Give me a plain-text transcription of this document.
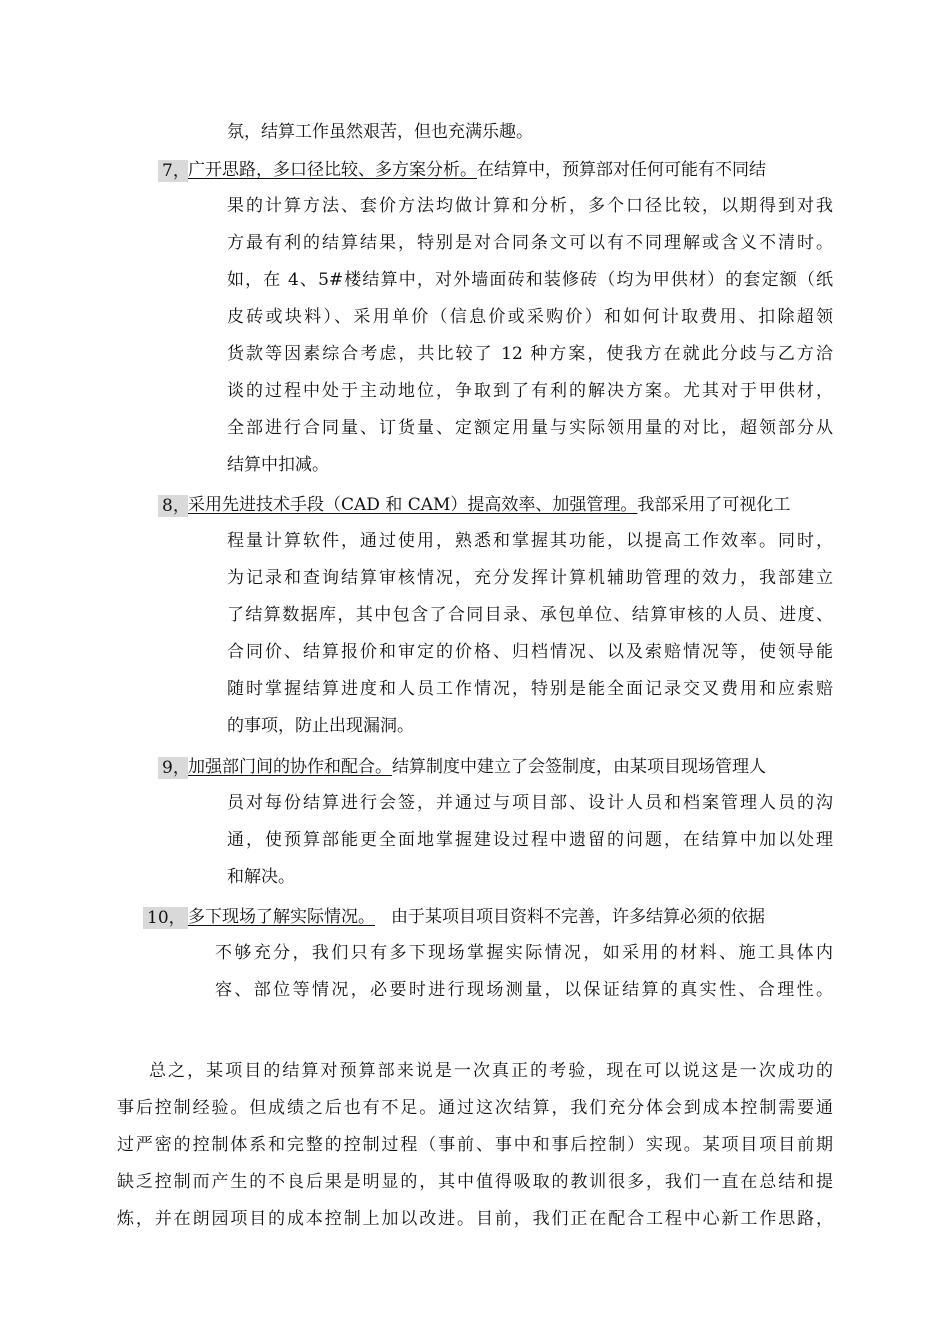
氛，结算工作虽然艰苦，但也充满乐趣。
7，
广开思路，多口径比较、多方案分析。在结算中，预算部对任何可能有不同结
果的计算方法、套价方法均做计算和分析，多个口径比较，以期得到对我
方最有利的结算结果，特别是对合同条文可以有不同理解或含义不清时。
如，在 4、5#楼结算中，对外墙面砖和装修砖（均为甲供材）的套定额（纸
皮砖或块料）、采用单价（信息价或采购价）和如何计取费用、扣除超领
货款等因素综合考虑，共比较了 12 种方案，使我方在就此分歧与乙方洽
谈的过程中处于主动地位，争取到了有利的解决方案。尤其对于甲供材，
全部进行合同量、订货量、定额定用量与实际领用量的对比，超领部分从
结算中扣减。
8，
采用先进技术手段（CAD 和 CAM）提高效率、加强管理。我部采用了可视化工
程量计算软件，通过使用，熟悉和掌握其功能，以提高工作效率。同时，
为记录和查询结算审核情况，充分发挥计算机辅助管理的效力，我部建立
了结算数据库，其中包含了合同目录、承包单位、结算审核的人员、进度、
合同价、结算报价和审定的价格、归档情况、以及索赔情况等，使领导能
随时掌握结算进度和人员工作情况，特别是能全面记录交叉费用和应索赔
的事项，防止出现漏洞。
9，
加强部门间的协作和配合。结算制度中建立了会签制度，由某项目现场管理人
员对每份结算进行会签，并通过与项目部、设计人员和档案管理人员的沟
通，使预算部能更全面地掌握建设过程中遗留的问题，在结算中加以处理
和解决。
10， 多下现场了解实际情况。 由于某项目项目资料不完善，许多结算必须的依据
不够充分，我们只有多下现场掌握实际情况，如采用的材料、施工具体内
容、部位等情况，必要时进行现场测量，以保证结算的真实性、合理性。
总之，某项目的结算对预算部来说是一次真正的考验，现在可以说这是一次成功的
事后控制经验。但成绩之后也有不足。通过这次结算，我们充分体会到成本控制需要通
过严密的控制体系和完整的控制过程（事前、事中和事后控制）实现。某项目项目前期
缺乏控制而产生的不良后果是明显的，其中值得吸取的教训很多，我们一直在总结和提
炼，并在朗园项目的成本控制上加以改进。目前，我们正在配合工程中心新工作思路，
